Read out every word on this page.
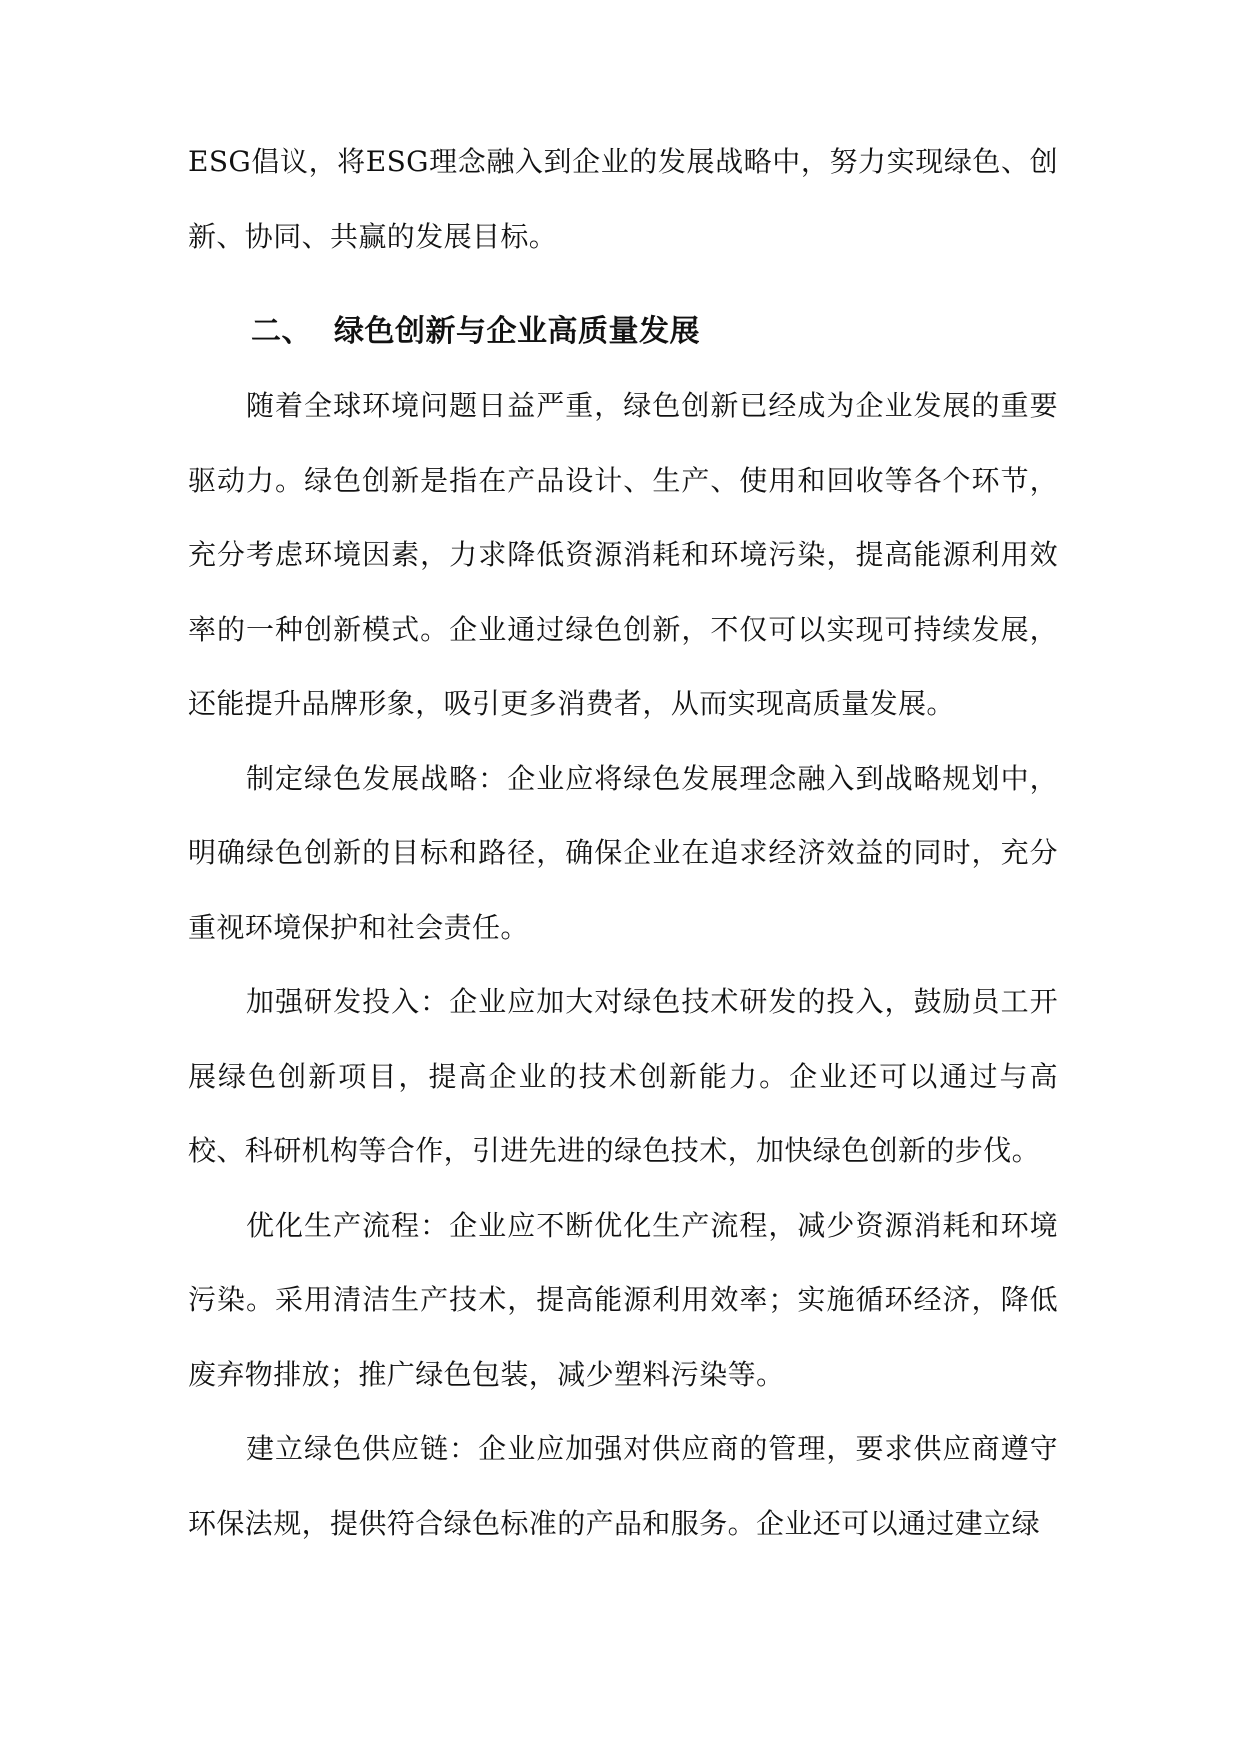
ESG倡议，将ESG理念融入到企业的发展战略中，努力实现绿色、创新、协同、共赢的发展目标。

二、 绿色创新与企业高质量发展

随着全球环境问题日益严重，绿色创新已经成为企业发展的重要驱动力。绿色创新是指在产品设计、生产、使用和回收等各个环节，充分考虑环境因素，力求降低资源消耗和环境污染，提高能源利用效率的一种创新模式。企业通过绿色创新，不仅可以实现可持续发展，还能提升品牌形象，吸引更多消费者，从而实现高质量发展。

制定绿色发展战略：企业应将绿色发展理念融入到战略规划中，明确绿色创新的目标和路径，确保企业在追求经济效益的同时，充分重视环境保护和社会责任。

加强研发投入：企业应加大对绿色技术研发的投入，鼓励员工开展绿色创新项目，提高企业的技术创新能力。企业还可以通过与高校、科研机构等合作，引进先进的绿色技术，加快绿色创新的步伐。

优化生产流程：企业应不断优化生产流程，减少资源消耗和环境污染。采用清洁生产技术，提高能源利用效率；实施循环经济，降低废弃物排放；推广绿色包装，减少塑料污染等。

建立绿色供应链：企业应加强对供应商的管理，要求供应商遵守环保法规，提供符合绿色标准的产品和服务。企业还可以通过建立绿
